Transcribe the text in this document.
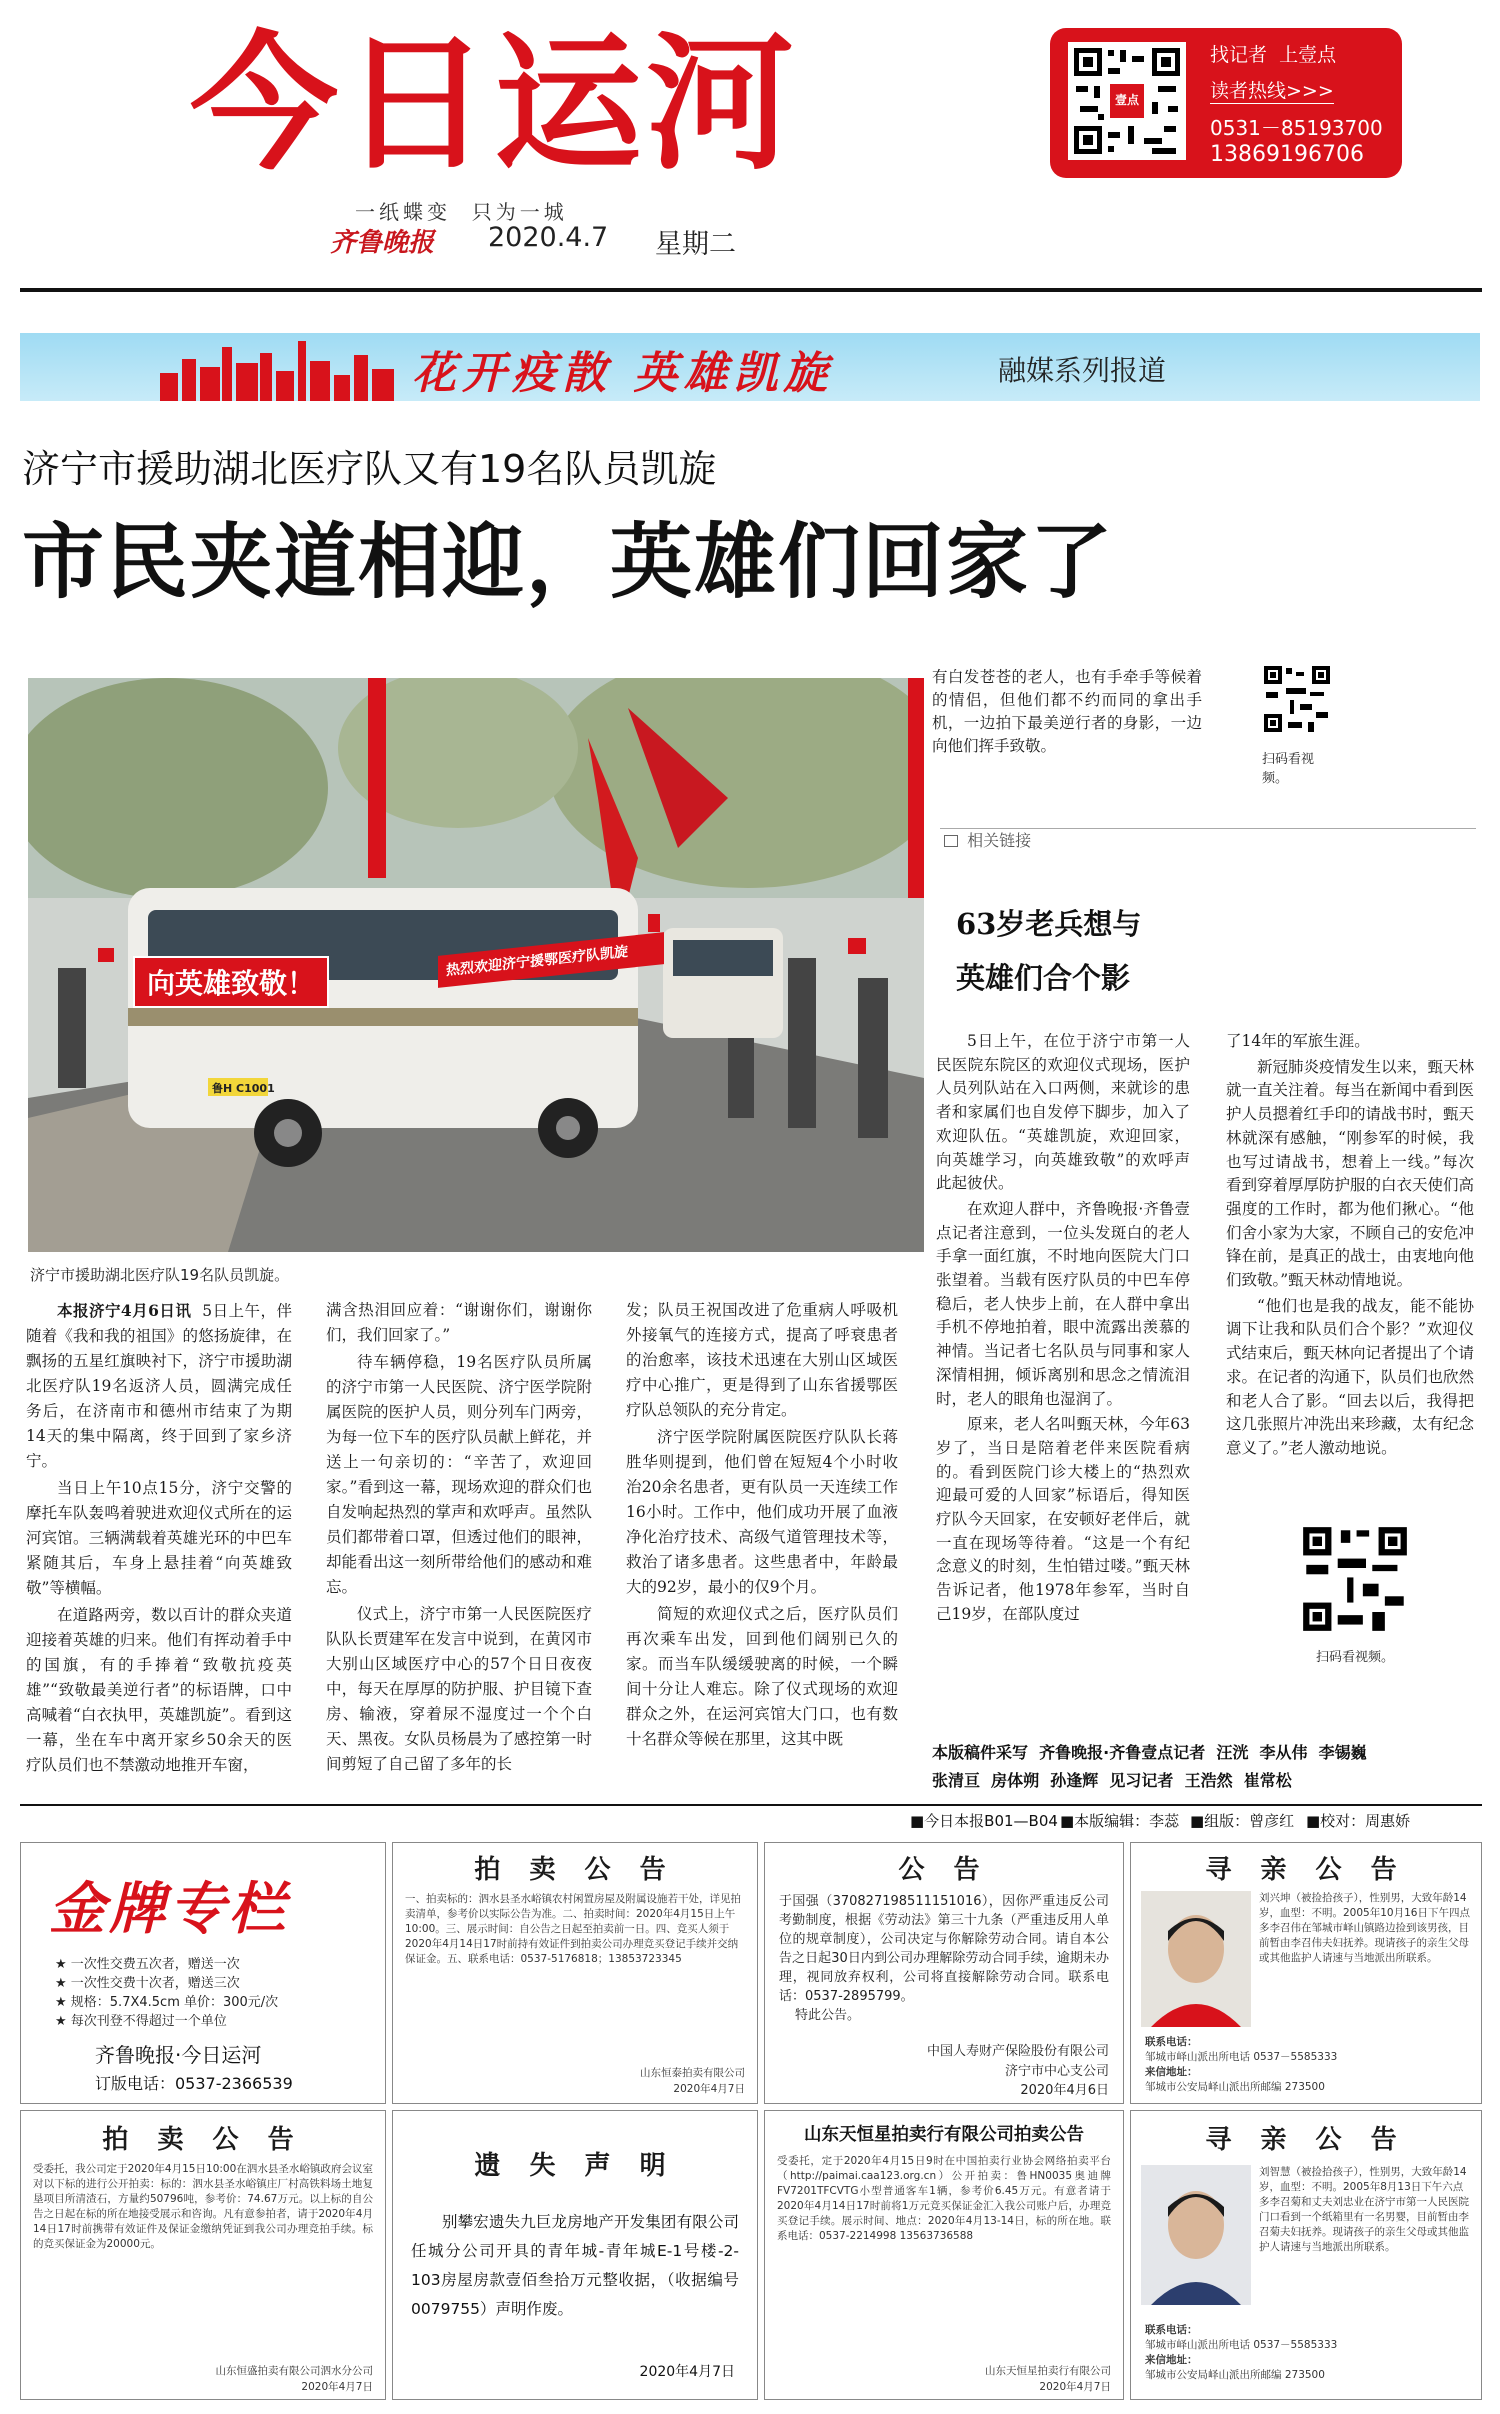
今日运河
一纸蝶变  只为一城
齐鲁晚报 2020.4.7 星期二
壹点
找记者  上壹点
读者热线>>>
0531－85193700
13869196706
花开疫散 英雄凯旋	融媒系列报道
济宁市援助湖北医疗队又有19名队员凯旋
市民夹道相迎，英雄们回家了
向英雄致敬！
热烈欢迎济宁援鄂医疗队凯旋
鲁H C1001
济宁市援助湖北医疗队19名队员凯旋。

本报济宁4月6日讯 5日上午，伴随着《我和我的祖国》的悠扬旋律，在飘扬的五星红旗映衬下，济宁市援助湖北医疗队19名返济人员，圆满完成任务后，在济南市和德州市结束了为期14天的集中隔离，终于回到了家乡济宁。

当日上午10点15分，济宁交警的摩托车队轰鸣着驶进欢迎仪式所在的运河宾馆。三辆满载着英雄光环的中巴车紧随其后，车身上悬挂着“向英雄致敬”等横幅。

在道路两旁，数以百计的群众夹道迎接着英雄的归来。他们有挥动着手中的国旗，有的手捧着“致敬抗疫英雄”“致敬最美逆行者”的标语牌，口中高喊着“白衣执甲，英雄凯旋”。看到这一幕，坐在车中离开家乡50余天的医疗队员们也不禁激动地推开车窗，

满含热泪回应着：“谢谢你们，谢谢你们，我们回家了。”

待车辆停稳，19名医疗队员所属的济宁市第一人民医院、济宁医学院附属医院的医护人员，则分列车门两旁，为每一位下车的医疗队员献上鲜花，并送上一句亲切的：“辛苦了，欢迎回家。”看到这一幕，现场欢迎的群众们也自发响起热烈的掌声和欢呼声。虽然队员们都带着口罩，但透过他们的眼神，却能看出这一刻所带给他们的感动和难忘。

仪式上，济宁市第一人民医院医疗队队长贾建军在发言中说到，在黄冈市大别山区域医疗中心的57个日日夜夜中，每天在厚厚的防护服、护目镜下查房、输液，穿着尿不湿度过一个个白天、黑夜。女队员杨晨为了感控第一时间剪短了自己留了多年的长

发；队员王祝国改进了危重病人呼吸机外接氧气的连接方式，提高了呼衰患者的治愈率，该技术迅速在大别山区域医疗中心推广，更是得到了山东省援鄂医疗队总领队的充分肯定。

济宁医学院附属医院医疗队队长蒋胜华则提到，他们曾在短短4个小时收治20余名患者，更有队员一天连续工作16小时。工作中，他们成功开展了血液净化治疗技术、高级气道管理技术等，救治了诸多患者。这些患者中，年龄最大的92岁，最小的仅9个月。

简短的欢迎仪式之后，医疗队员们再次乘车出发，回到他们阔别已久的家。而当车队缓缓驶离的时候，一个瞬间十分让人难忘。除了仪式现场的欢迎群众之外，在运河宾馆大门口，也有数十名群众等候在那里，这其中既

有白发苍苍的老人，也有手牵手等候着的情侣，但他们都不约而同的拿出手机，一边拍下最美逆行者的身影，一边向他们挥手致敬。

扫码看视频。
相关链接
63岁老兵想与
英雄们合个影

5日上午，在位于济宁市第一人民医院东院区的欢迎仪式现场，医护人员列队站在入口两侧，来就诊的患者和家属们也自发停下脚步，加入了欢迎队伍。“英雄凯旋，欢迎回家，向英雄学习，向英雄致敬”的欢呼声此起彼伏。

在欢迎人群中，齐鲁晚报·齐鲁壹点记者注意到，一位头发斑白的老人手拿一面红旗，不时地向医院大门口张望着。当载有医疗队员的中巴车停稳后，老人快步上前，在人群中拿出手机不停地拍着，眼中流露出羡慕的神情。当记者七名队员与同事和家人深情相拥，倾诉离别和思念之情流泪时，老人的眼角也湿润了。

原来，老人名叫甄天林，今年63岁了，当日是陪着老伴来医院看病的。看到医院门诊大楼上的“热烈欢迎最可爱的人回家”标语后，得知医疗队今天回家，在安顿好老伴后，就一直在现场等待着。“这是一个有纪念意义的时刻，生怕错过喽。”甄天林告诉记者，他1978年参军，当时自己19岁，在部队度过

了14年的军旅生涯。

新冠肺炎疫情发生以来，甄天林就一直关注着。每当在新闻中看到医护人员摁着红手印的请战书时，甄天林就深有感触，“刚参军的时候，我也写过请战书，想着上一线。”每次看到穿着厚厚防护服的白衣天使们高强度的工作时，都为他们揪心。“他们舍小家为大家，不顾自己的安危冲锋在前，是真正的战士，由衷地向他们致敬。”甄天林动情地说。

“他们也是我的战友，能不能协调下让我和队员们合个影？”欢迎仪式结束后，甄天林向记者提出了个请求。在记者的沟通下，队员们也欣然和老人合了影。“回去以后，我得把这几张照片冲洗出来珍藏，太有纪念意义了。”老人激动地说。

扫码看视频。
本版稿件采写  齐鲁晚报·齐鲁壹点记者  汪洸  李从伟  李锡巍
张清亘  房体朔  孙逢辉  见习记者  王浩然  崔常松
■今日本报B01—B04 ■本版编辑：李蕊 ■组版：曾彦红 ■校对：周惠娇
金牌专栏
★ 一次性交费五次者，赠送一次
★ 一次性交费十次者，赠送三次
★ 规格：5.7X4.5cm 单价：300元/次
★ 每次刊登不得超过一个单位
齐鲁晚报·今日运河
订版电话：0537-2366539
拍 卖 公 告
一、拍卖标的：泗水县圣水峪镇农村闲置房屋及附属设施若干处，详见拍卖清单，参考价以实际公告为准。二、拍卖时间：2020年4月15日上午10:00。三、展示时间：自公告之日起至拍卖前一日。四、竞买人须于2020年4月14日17时前持有效证件到拍卖公司办理竞买登记手续并交纳保证金。五、联系电话：0537-5176818；13853723345
山东恒泰拍卖有限公司
2020年4月7日
公 告
于国强（370827198511151016），因你严重违反公司考勤制度，根据《劳动法》第三十九条（严重违反用人单位的规章制度），公司决定与你解除劳动合同。请自本公告之日起30日内到公司办理解除劳动合同手续，逾期未办理，视同放弃权利，公司将直接解除劳动合同。联系电话：0537-2895799。
特此公告。
中国人寿财产保险股份有限公司
济宁市中心支公司
2020年4月6日
寻 亲 公 告
刘兴坤（被捡拾孩子），性别男，大致年龄14岁，血型：不明。2005年10月16日下午四点多李召伟在邹城市峄山镇路边捡到该男孩，目前暂由李召伟夫妇抚养。现请孩子的亲生父母或其他监护人请速与当地派出所联系。
联系电话：
邹城市峄山派出所电话 0537－5585333
来信地址：
邹城市公安局峄山派出所邮编 273500
拍 卖 公 告
受委托，我公司定于2020年4月15日10:00在泗水县圣水峪镇政府会议室对以下标的进行公开拍卖：标的：泗水县圣水峪镇庄厂村高铁料场土地复垦项目所清渣石，方量约50796吨，参考价：74.67万元。以上标的自公告之日起在标的所在地接受展示和咨询。凡有意参拍者，请于2020年4月14日17时前携带有效证件及保证金缴纳凭证到我公司办理竞拍手续。标的竞买保证金为20000元。
山东恒盛拍卖有限公司泗水分公司
2020年4月7日
遗 失 声 明
别攀宏遗失九巨龙房地产开发集团有限公司任城分公司开具的青年城-青年城E-1号楼-2-103房屋房款壹佰叁拾万元整收据，（收据编号0079755）声明作废。
2020年4月7日
山东天恒星拍卖行有限公司拍卖公告
受委托，定于2020年4月15日9时在中国拍卖行业协会网络拍卖平台（http://paimai.caa123.org.cn）公开拍卖：鲁HN0035奥迪牌FV7201TFCVTG小型普通客车1辆，参考价6.45万元。有意者请于2020年4月14日17时前将1万元竞买保证金汇入我公司账户后，办理竞买登记手续。展示时间、地点：2020年4月13-14日，标的所在地。联系电话：0537-2214998 13563736588
山东天恒星拍卖行有限公司
2020年4月7日
寻 亲 公 告
刘智慧（被捡拾孩子），性别男，大致年龄14岁，血型：不明。2005年8月13日下午六点多李召菊和丈夫刘忠业在济宁市第一人民医院门口看到一个纸箱里有一名男婴，目前暂由李召菊夫妇抚养。现请孩子的亲生父母或其他监护人请速与当地派出所联系。
联系电话：
邹城市峄山派出所电话 0537－5585333
来信地址：
邹城市公安局峄山派出所邮编 273500
